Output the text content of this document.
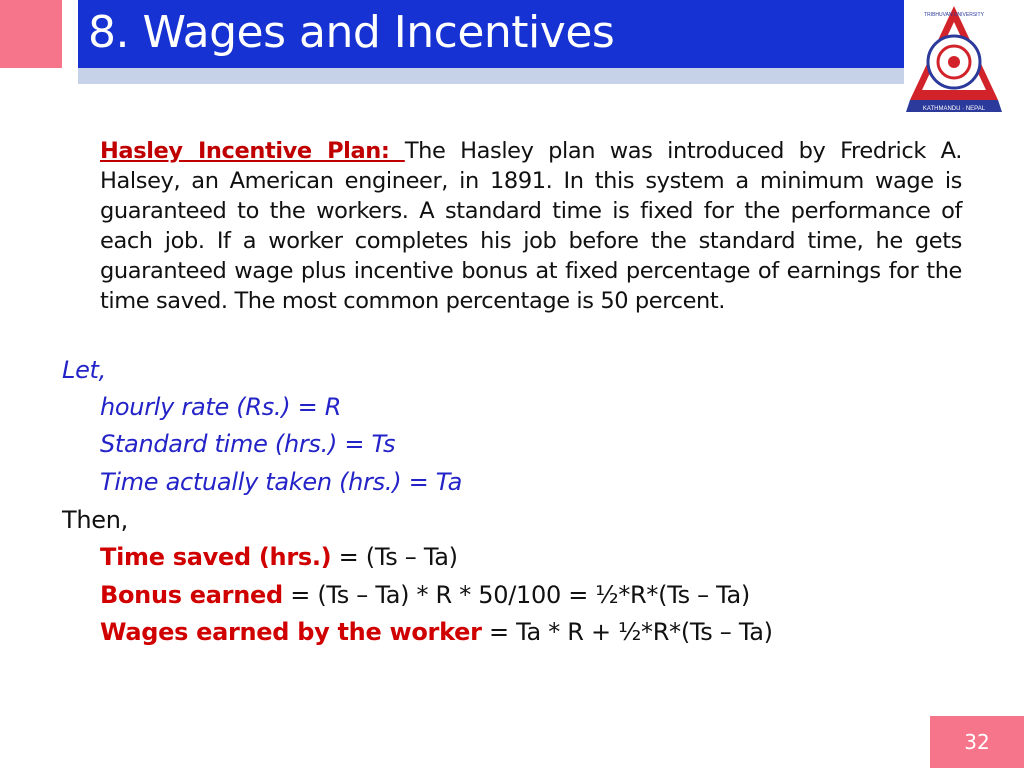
8. Wages and Incentives
KATHMANDU · NEPAL
TRIBHUVAN UNIVERSITY
Hasley Incentive Plan: The Hasley plan was introduced by Fredrick A. Halsey, an American engineer, in 1891. In this system a minimum wage is guaranteed to the workers. A standard time is fixed for the performance of each job. If a worker completes his job before the standard time, he gets guaranteed wage plus incentive bonus at fixed percentage of earnings for the time saved. The most common percentage is 50 percent.
Let,
hourly rate (Rs.) = R
Standard time (hrs.) = Ts
Time actually taken (hrs.) = Ta
Then,
Time saved (hrs.) = (Ts – Ta)
Bonus earned = (Ts – Ta) * R * 50/100 = ½*R*(Ts – Ta)
Wages earned by the worker = Ta * R + ½*R*(Ts – Ta)
32
